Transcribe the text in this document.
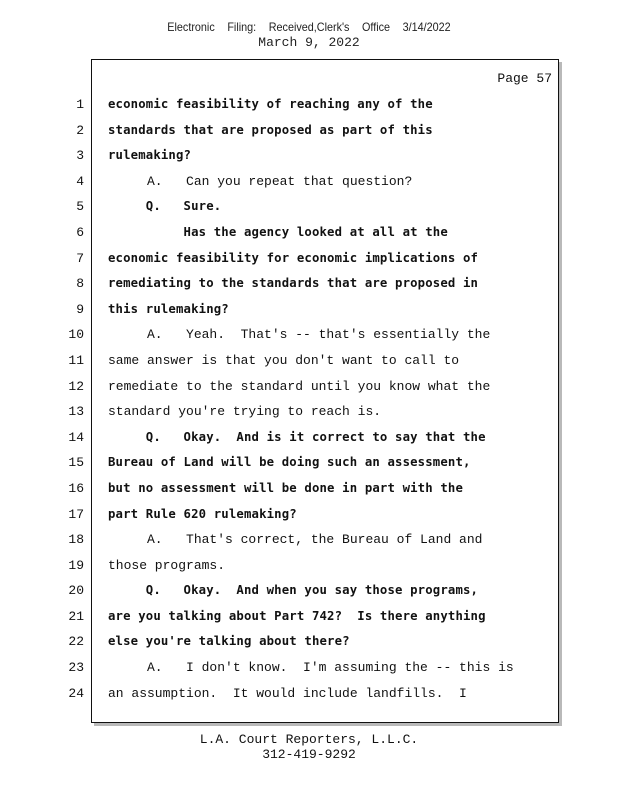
Electronic Filing: Received,Clerk's Office 3/14/2022
March 9, 2022
Page 57
1
2
3
4
5
6
7
8
9
10
11
12
13
14
15
16
17
18
19
20
21
22
23
24
economic feasibility of reaching any of the
standards that are proposed as part of this
rulemaking?
A.   Can you repeat that question?
Q.   Sure.
Has the agency looked at all at the
economic feasibility for economic implications of
remediating to the standards that are proposed in
this rulemaking?
A.   Yeah.  That's -- that's essentially the
same answer is that you don't want to call to
remediate to the standard until you know what the
standard you're trying to reach is.
Q.   Okay.  And is it correct to say that the
Bureau of Land will be doing such an assessment,
but no assessment will be done in part with the
part Rule 620 rulemaking?
A.   That's correct, the Bureau of Land and
those programs.
Q.   Okay.  And when you say those programs,
are you talking about Part 742?  Is there anything
else you're talking about there?
A.   I don't know.  I'm assuming the -- this is
an assumption.  It would include landfills.  I
L.A. Court Reporters, L.L.C.
312-419-9292
